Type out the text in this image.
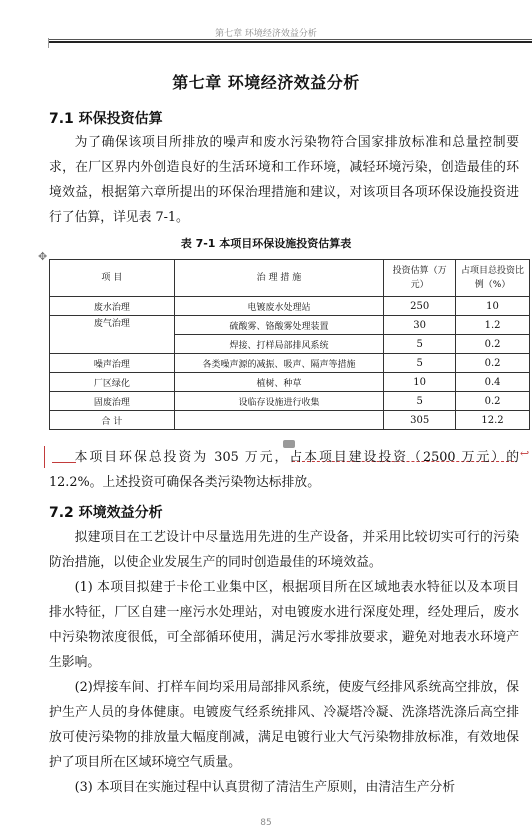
第七章 环境经济效益分析
第七章 环境经济效益分析
7.1 环保投资估算
为了确保该项目所排放的噪声和废水污染物符合国家排放标准和总量控制要求，在厂区界内外创造良好的生活环境和工作环境，减轻环境污染，创造最佳的环境效益，根据第六章所提出的环保治理措施和建议，对该项目各项环保设施投资进行了估算，详见表 7-1。
表 7-1 本项目环保设施投资估算表
✥
项 目	治 理 措 施	投资估算（万元）	占项目总投资比例（%）
废水治理	电镀废水处理站	250	10
废气治理	硫酸雾、铬酸雾处理装置	30	1.2
	焊接、打样局部排风系统	5	0.2
噪声治理	各类噪声源的减振、吸声、隔声等措施	5	0.2
厂区绿化	植树、种草	10	0.4
固废治理	设临存设施进行收集	5	0.2
合 计		305	12.2
↩
本项目环保总投资为 305 万元，占本项目建设投资（2500 万元）的 12.2%。上述投资可确保各类污染物达标排放。
7.2 环境效益分析
拟建项目在工艺设计中尽量选用先进的生产设备，并采用比较切实可行的污染防治措施，以使企业发展生产的同时创造最佳的环境效益。
(1) 本项目拟建于卡伦工业集中区，根据项目所在区域地表水特征以及本项目排水特征，厂区自建一座污水处理站，对电镀废水进行深度处理，经处理后，废水中污染物浓度很低，可全部循环使用，满足污水零排放要求，避免对地表水环境产生影响。
(2)焊接车间、打样车间均采用局部排风系统，使废气经排风系统高空排放，保护生产人员的身体健康。电镀废气经系统排风、冷凝塔冷凝、洗涤塔洗涤后高空排放可使污染物的排放量大幅度削减，满足电镀行业大气污染物排放标准，有效地保护了项目所在区域环境空气质量。
(3) 本项目在实施过程中认真贯彻了清洁生产原则，由清洁生产分析
85
